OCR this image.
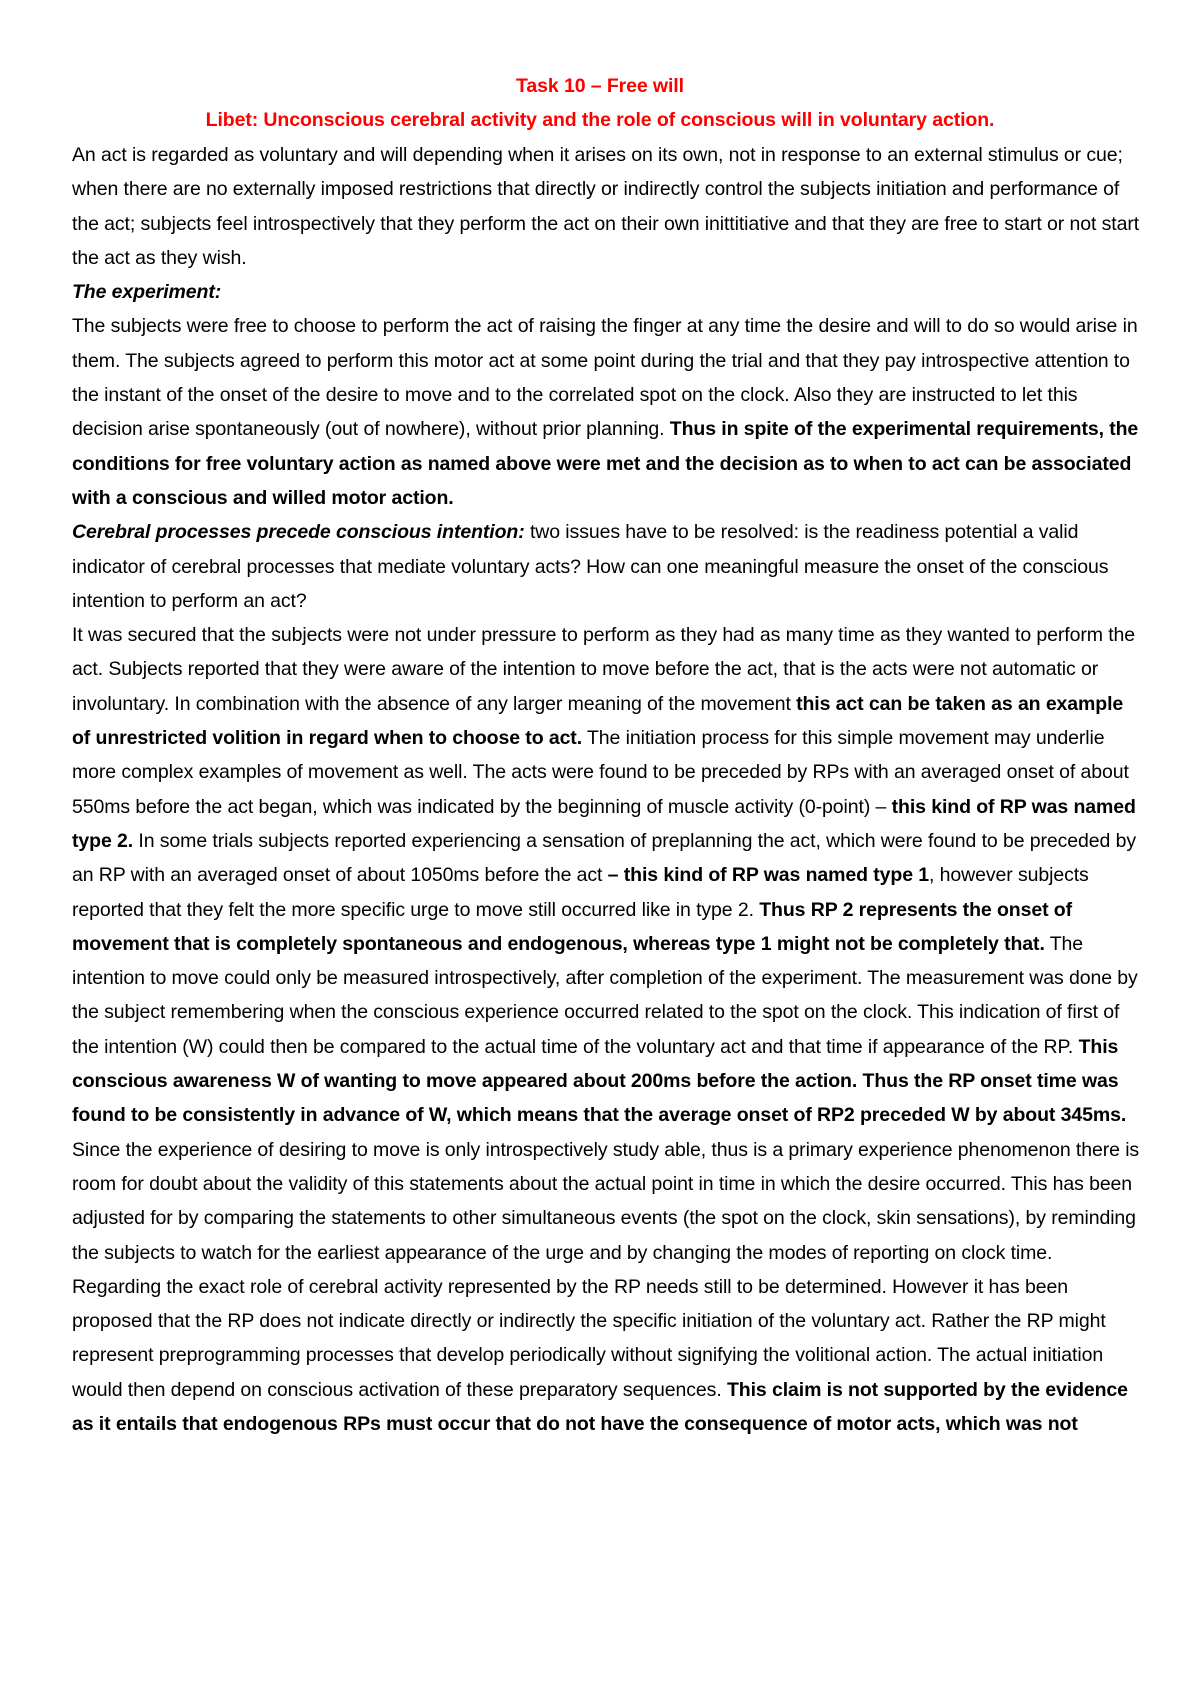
Task 10 – Free will
Libet: Unconscious cerebral activity and the role of conscious will in voluntary action.

An act is regarded as voluntary and will depending when it arises on its own, not in response to an external stimulus or cue; when there are no externally imposed restrictions that directly or indirectly control the subjects initiation and performance of the act; subjects feel introspectively that they perform the act on their own inittitiative and that they are free to start or not start the act as they wish.

The experiment:

The subjects were free to choose to perform the act of raising the finger at any time the desire and will to do so would arise in them. The subjects agreed to perform this motor act at some point during the trial and that they pay introspective attention to the instant of the onset of the desire to move and to the correlated spot on the clock. Also they are instructed to let this decision arise spontaneously (out of nowhere), without prior planning. Thus in spite of the experimental requirements, the conditions for free voluntary action as named above were met and the decision as to when to act can be associated with a conscious and willed motor action.

Cerebral processes precede conscious intention: two issues have to be resolved: is the readiness potential a valid indicator of cerebral processes that mediate voluntary acts? How can one meaningful measure the onset of the conscious intention to perform an act?

It was secured that the subjects were not under pressure to perform as they had as many time as they wanted to perform the act. Subjects reported that they were aware of the intention to move before the act, that is the acts were not automatic or involuntary. In combination with the absence of any larger meaning of the movement this act can be taken as an example of unrestricted volition in regard when to choose to act. The initiation process for this simple movement may underlie more complex examples of movement as well. The acts were found to be preceded by RPs with an averaged onset of about 550ms before the act began, which was indicated by the beginning of muscle activity (0-point) – this kind of RP was named type 2. In some trials subjects reported experiencing a sensation of preplanning the act, which were found to be preceded by an RP with an averaged onset of about 1050ms before the act – this kind of RP was named type 1, however subjects reported that they felt the more specific urge to move still occurred like in type 2. Thus RP 2 represents the onset of movement that is completely spontaneous and endogenous, whereas type 1 might not be completely that. The intention to move could only be measured introspectively, after completion of the experiment. The measurement was done by the subject remembering when the conscious experience occurred related to the spot on the clock. This indication of first of the intention (W) could then be compared to the actual time of the voluntary act and that time if appearance of the RP. This conscious awareness W of wanting to move appeared about 200ms before the action. Thus the RP onset time was found to be consistently in advance of W, which means that the average onset of RP2 preceded W by about 345ms. Since the experience of desiring to move is only introspectively study able, thus is a primary experience phenomenon there is room for doubt about the validity of this statements about the actual point in time in which the desire occurred. This has been adjusted for by comparing the statements to other simultaneous events (the spot on the clock, skin sensations), by reminding the subjects to watch for the earliest appearance of the urge and by changing the modes of reporting on clock time. Regarding the exact role of cerebral activity represented by the RP needs still to be determined. However it has been proposed that the RP does not indicate directly or indirectly the specific initiation of the voluntary act. Rather the RP might represent preprogramming processes that develop periodically without signifying the volitional action. The actual initiation would then depend on conscious activation of these preparatory sequences. This claim is not supported by the evidence as it entails that endogenous RPs must occur that do not have the consequence of motor acts, which was not
